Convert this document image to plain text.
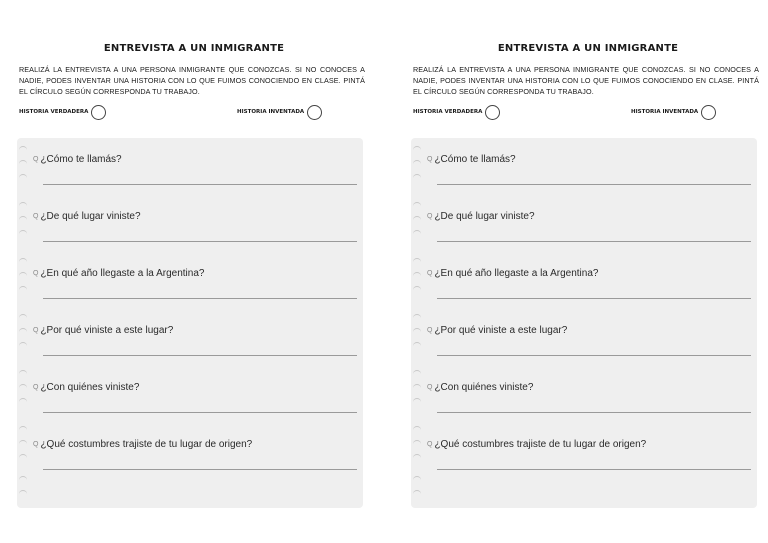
ENTREVISTA A UN INMIGRANTE
REALIZÁ LA ENTREVISTA A UNA PERSONA INMIGRANTE QUE CONOZCAS. SI NO CONOCES A NADIE, PODES INVENTAR UNA HISTORIA CON LO QUE FUIMOS CONOCIENDO EN CLASE. PINTÁ EL CÍRCULO SEGÚN CORRESPONDA TU TRABAJO.
HISTORIA VERDADERA	HISTORIA INVENTADA
Q ¿Cómo te llamás?
Q ¿De qué lugar viniste?
Q ¿En qué año llegaste a la Argentina?
Q ¿Por qué viniste a este lugar?
Q ¿Con quiénes viniste?
Q ¿Qué costumbres trajiste de tu lugar de origen?
ENTREVISTA A UN INMIGRANTE
REALIZÁ LA ENTREVISTA A UNA PERSONA INMIGRANTE QUE CONOZCAS. SI NO CONOCES A NADIE, PODES INVENTAR UNA HISTORIA CON LO QUE FUIMOS CONOCIENDO EN CLASE. PINTÁ EL CÍRCULO SEGÚN CORRESPONDA TU TRABAJO.
HISTORIA VERDADERA	HISTORIA INVENTADA
Q ¿Cómo te llamás?
Q ¿De qué lugar viniste?
Q ¿En qué año llegaste a la Argentina?
Q ¿Por qué viniste a este lugar?
Q ¿Con quiénes viniste?
Q ¿Qué costumbres trajiste de tu lugar de origen?
